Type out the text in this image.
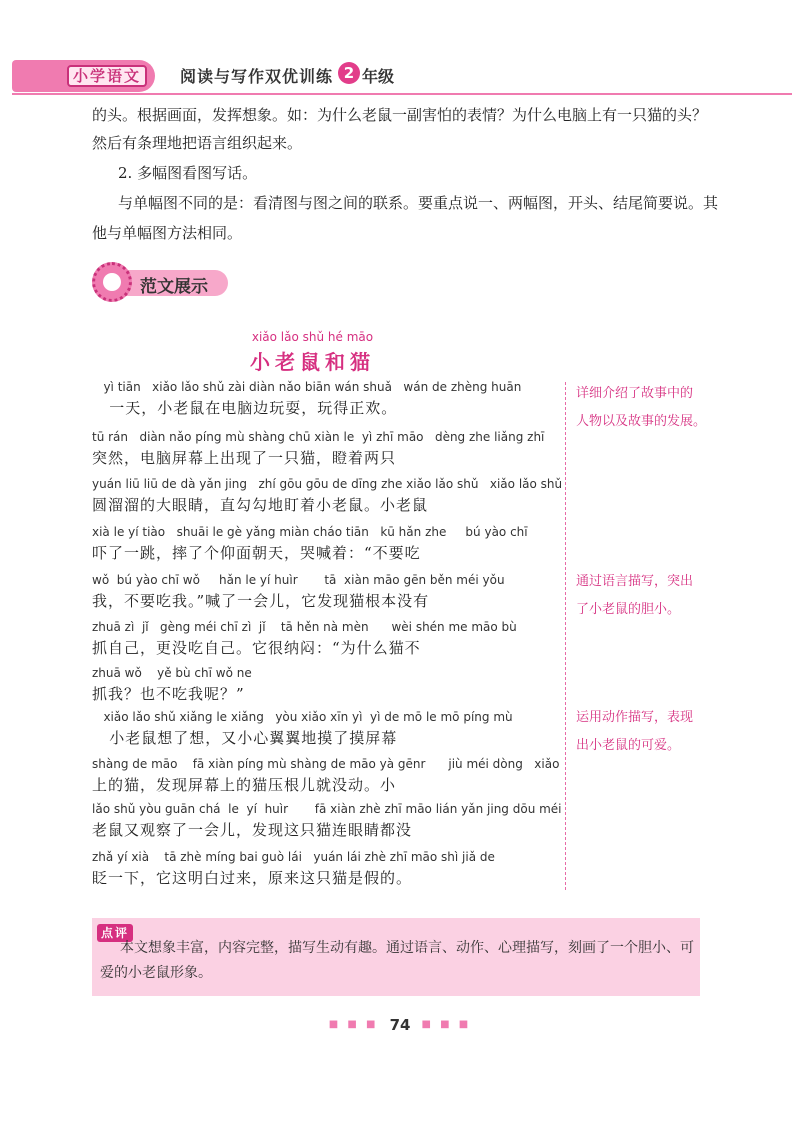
小学语文	阅读与写作双优训练 2 年级
的头。根据画面，发挥想象。如：为什么老鼠一副害怕的表情？为什么电脑上有一只猫的头？
然后有条理地把语言组织起来。
2. 多幅图看图写话。
与单幅图不同的是：看清图与图之间的联系。要重点说一、两幅图，开头、结尾简要说。其
他与单幅图方法相同。
范文展示
xiǎo lǎo shǔ hé māo
小老鼠和猫
yì tiān   xiǎo lǎo shǔ zài diàn nǎo biān wán shuǎ   wán de zhèng huān
一天，小老鼠在电脑边玩耍，玩得正欢。
tū rán   diàn nǎo píng mù shàng chū xiàn le  yì zhī māo   dèng zhe liǎng zhī
突然，电脑屏幕上出现了一只猫，瞪着两只
yuán liū liū de dà yǎn jing   zhí gōu gōu de dīng zhe xiǎo lǎo shǔ   xiǎo lǎo shǔ
圆溜溜的大眼睛，直勾勾地盯着小老鼠。小老鼠
xià le yí tiào   shuāi le gè yǎng miàn cháo tiān   kū hǎn zhe     bú yào chī
吓了一跳，摔了个仰面朝天，哭喊着：“不要吃
wǒ  bú yào chī wǒ     hǎn le yí huìr       tā  xiàn māo gēn běn méi yǒu
我，不要吃我。”喊了一会儿，它发现猫根本没有
zhuā zì  jǐ   gèng méi chī zì  jǐ    tā hěn nà mèn      wèi shén me māo bù
抓自己，更没吃自己。它很纳闷：“为什么猫不
zhuā wǒ    yě bù chī wǒ ne
抓我？也不吃我呢？”
xiǎo lǎo shǔ xiǎng le xiǎng   yòu xiǎo xīn yì  yì de mō le mō píng mù
小老鼠想了想，又小心翼翼地摸了摸屏幕
shàng de māo    fā xiàn píng mù shàng de māo yà gēnr      jiù méi dòng   xiǎo
上的猫，发现屏幕上的猫压根儿就没动。小
lǎo shǔ yòu guān chá  le  yí  huìr       fā xiàn zhè zhī māo lián yǎn jing dōu méi
老鼠又观察了一会儿，发现这只猫连眼睛都没
zhǎ yí xià    tā zhè míng bai guò lái   yuán lái zhè zhī māo shì jiǎ de
眨一下，它这明白过来，原来这只猫是假的。
详细介绍了故事中的
人物以及故事的发展。
通过语言描写，突出
了小老鼠的胆小。
运用动作描写，表现
出小老鼠的可爱。
点评
本文想象丰富，内容完整，描写生动有趣。通过语言、动作、心理描写，刻画了一个胆小、可爱的小老鼠形象。
■ ■ ■ 74 ■ ■ ■
